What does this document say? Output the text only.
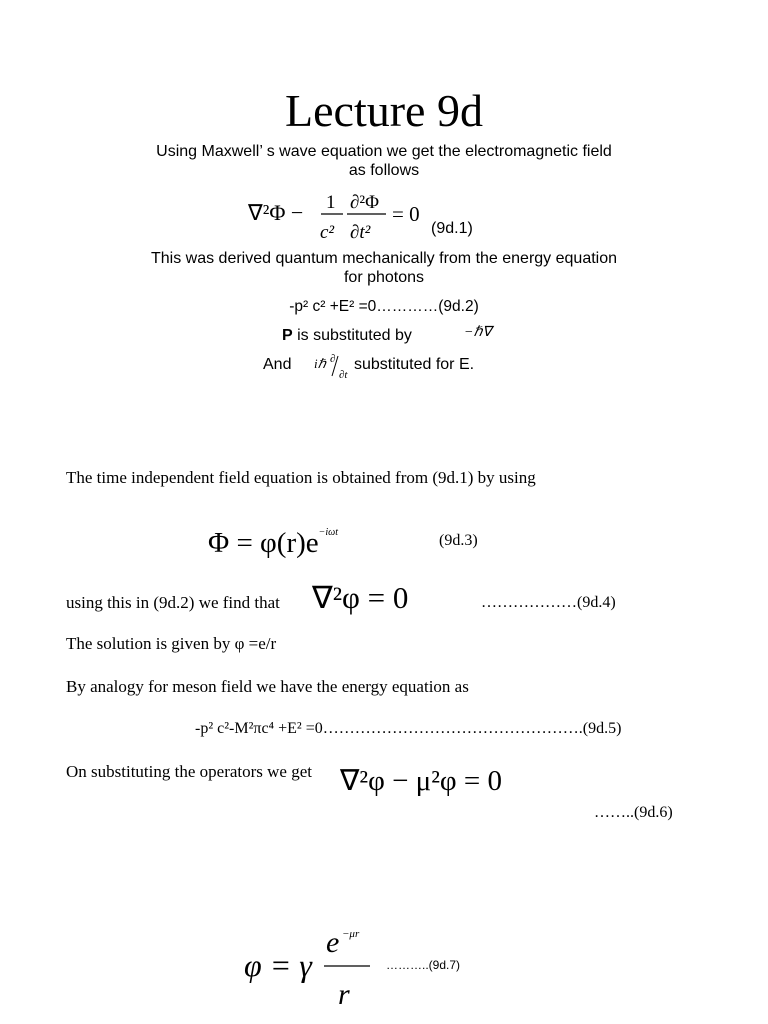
Lecture 9d
Using Maxwell’ s wave equation we get the electromagnetic field
as follows
∇²Φ − 1
c²
∂²Φ
∂t²
= 0
(9d.1)
This was derived quantum mechanically from the energy equation
for photons
-p² c² +E² =0…………(9d.2)
P is substituted by	−ℏ∇
And iℏ ∂
∂t
substituted for E.
The time independent field equation is obtained from (9d.1) by using
$\Phi = \varphi(r)e^{-i\omega t}$	(9d.3)
using this in (9d.2) we find that ∇²φ = 0	………………(9d.4)
The solution is given by φ =e/r
By analogy for meson field we have the energy equation as
-p² c²-M²πc⁴ +E² =0………………………………………….(9d.5)
On substituting the operators we get ∇²φ − μ²φ = 0
……..(9d.6)
φ = γ
e −μr
r
………..(9d.7)
